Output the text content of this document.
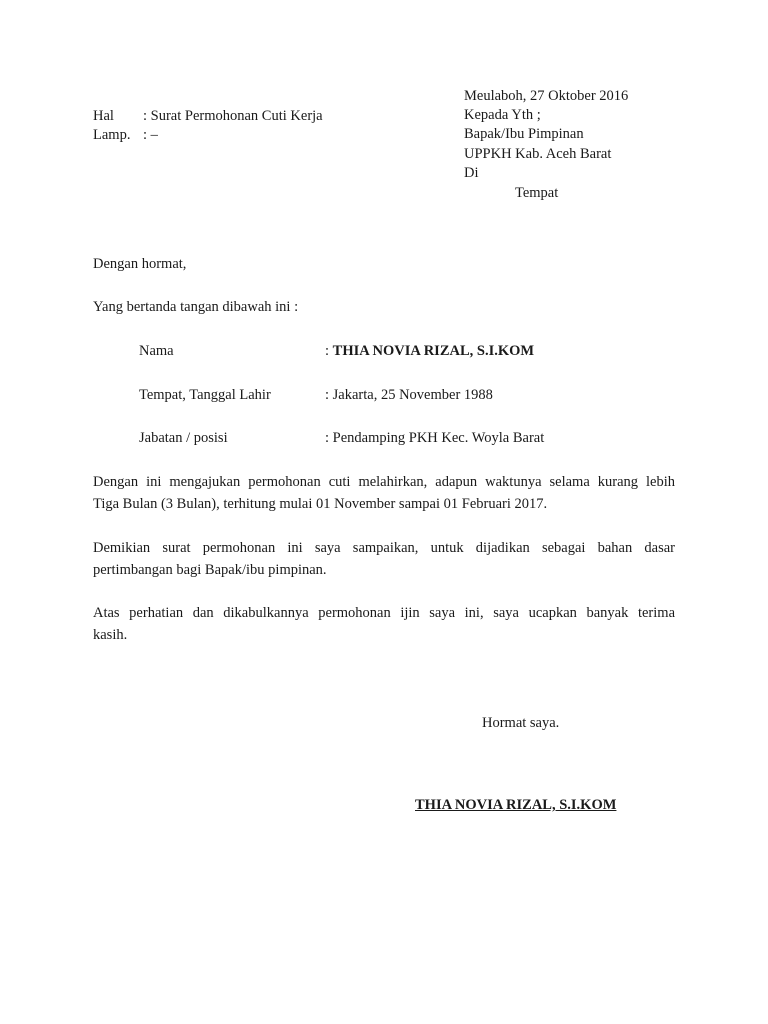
Meulaboh, 27 Oktober 2016
Kepada Yth ;
Bapak/Ibu Pimpinan
UPPKH Kab. Aceh Barat
Di
Tempat
Hal : Surat Permohonan Cuti Kerja
Lamp. : –
Dengan hormat,
Yang bertanda tangan dibawah ini :
Nama	: THIA NOVIA RIZAL, S.I.KOM
Tempat, Tanggal Lahir	: Jakarta, 25 November 1988
Jabatan / posisi	: Pendamping PKH Kec. Woyla Barat

Dengan ini mengajukan permohonan cuti melahirkan, adapun waktunya selama kurang lebih
Tiga Bulan (3 Bulan), terhitung mulai 01 November sampai 01 Februari 2017.

Demikian surat permohonan ini saya sampaikan, untuk dijadikan sebagai bahan dasar
pertimbangan bagi Bapak/ibu pimpinan.

Atas perhatian dan dikabulkannya permohonan ijin saya ini, saya ucapkan banyak terima
kasih.

Hormat saya.
THIA NOVIA RIZAL, S.I.KOM
